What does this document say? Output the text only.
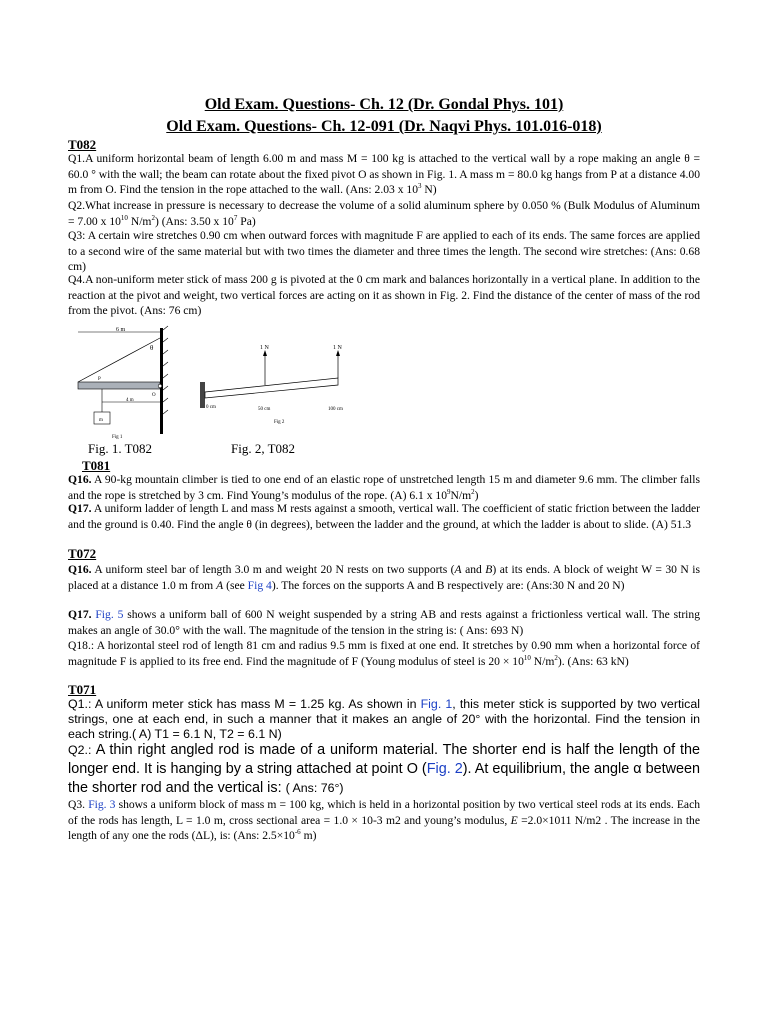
Old Exam. Questions- Ch. 12 (Dr. Gondal Phys. 101)
Old Exam. Questions- Ch. 12-091 (Dr. Naqvi Phys. 101.016-018)
T082
Q1.A uniform horizontal beam of length 6.00 m and mass M = 100 kg is attached to the vertical wall by a rope making an angle θ = 60.0 ° with the wall; the beam can rotate about the fixed pivot O as shown in Fig. 1. A mass m = 80.0 kg hangs from P at a distance 4.00 m from O. Find the tension in the rope attached to the wall. (Ans: 2.03 x $10^3$ N)
Q2.What increase in pressure is necessary to decrease the volume of a solid aluminum sphere by 0.050 % (Bulk Modulus of Aluminum = 7.00 x $10^{10}$ $N/m^2$) (Ans: 3.50 x $10^7$ Pa)
Q3: A certain wire stretches 0.90 cm when outward forces with magnitude F are applied to each of its ends. The same forces are applied to a second wire of the same material but with two times the diameter and three times the length. The second wire stretches: (Ans: 0.68 cm)
Q4.A non-uniform meter stick of mass 200 g is pivoted at the 0 cm mark and balances horizontally in a vertical plane. In addition to the reaction at the pivot and weight, two vertical forces are acting on it as shown in Fig. 2. Find the distance of the center of mass of the rod from the pivot. (Ans: 76 cm)
6 m
θ
O
P
4 m
m
Fig 1
1 N	1 N
0 cm	50 cm	100 cm
Fig 2
Fig. 1. T082	Fig. 2, T082
T081
Q16. A 90-kg mountain climber is tied to one end of an elastic rope of unstretched length 15 m and diameter 9.6 mm. The climber falls and the rope is stretched by 3 cm. Find Young’s modulus of the rope. (A) 6.1 x $10^9N/m^2$)
Q17. A uniform ladder of length L and mass M rests against a smooth, vertical wall. The coefficient of static friction between the ladder and the ground is 0.40. Find the angle θ (in degrees), between the ladder and the ground, at which the ladder is about to slide. (A) 51.3
T072
Q16. A uniform steel bar of length 3.0 m and weight 20 N rests on two supports (A and B) at its ends. A block of weight W = 30 N is placed at a distance 1.0 m from A (see Fig 4). The forces on the supports A and B respectively are: (Ans:30 N and 20 N)
Q17. Fig. 5 shows a uniform ball of 600 N weight suspended by a string AB and rests against a frictionless vertical wall. The string makes an angle of 30.0° with the wall. The magnitude of the tension in the string is: ( Ans: 693 N)
Q18.: A horizontal steel rod of length 81 cm and radius 9.5 mm is fixed at one end. It stretches by 0.90 mm when a horizontal force of magnitude F is applied to its free end. Find the magnitude of F (Young modulus of steel is $20 \times 10^{10}$ $N/m^2$). (Ans: 63 kN)
T071
Q1.: A uniform meter stick has mass M = 1.25 kg. As shown in Fig. 1, this meter stick is supported by two vertical strings, one at each end, in such a manner that it makes an angle of 20° with the horizontal. Find the tension in each string.( A) T1 = 6.1 N, T2 = 6.1 N)
Q2.: A thin right angled rod is made of a uniform material. The shorter end is half the length of the longer end. It is hanging by a string attached at point O (Fig. 2). At equilibrium, the angle α between the shorter rod and the vertical is: ( Ans: 76°)
Q3. Fig. 3 shows a uniform block of mass m = 100 kg, which is held in a horizontal position by two vertical steel rods at its ends. Each of the rods has length, L = 1.0 m, cross sectional area = 1.0 × 10-3 m2 and young’s modulus, E =2.0×1011 N/m2 . The increase in the length of any one the rods (ΔL), is: (Ans: $2.5\times 10^{-6}$ m)
